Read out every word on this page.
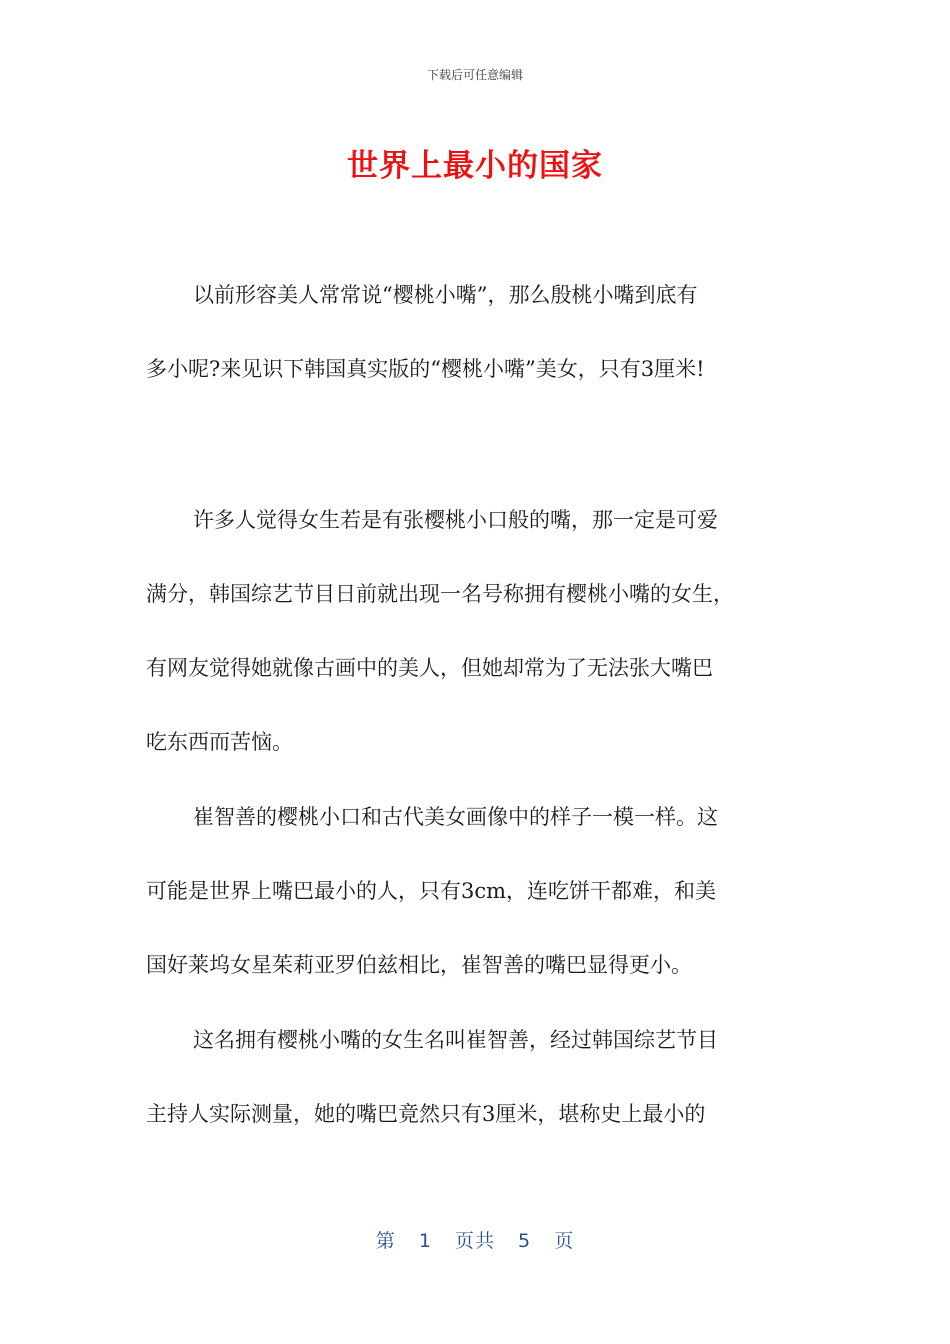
下载后可任意编辑
世界上最小的国家
以前形容美人常常说“樱桃小嘴”，那么殷桃小嘴到底有
多小呢?来见识下韩国真实版的“樱桃小嘴”美女，只有3厘米!
许多人觉得女生若是有张樱桃小口般的嘴，那一定是可爱
满分，韩国综艺节目日前就出现一名号称拥有樱桃小嘴的女生，
有网友觉得她就像古画中的美人，但她却常为了无法张大嘴巴
吃东西而苦恼。
崔智善的樱桃小口和古代美女画像中的样子一模一样。这
可能是世界上嘴巴最小的人，只有3cm，连吃饼干都难，和美
国好莱坞女星茱莉亚罗伯兹相比，崔智善的嘴巴显得更小。
这名拥有樱桃小嘴的女生名叫崔智善，经过韩国综艺节目
主持人实际测量，她的嘴巴竟然只有3厘米，堪称史上最小的
第 1 页共 5 页
